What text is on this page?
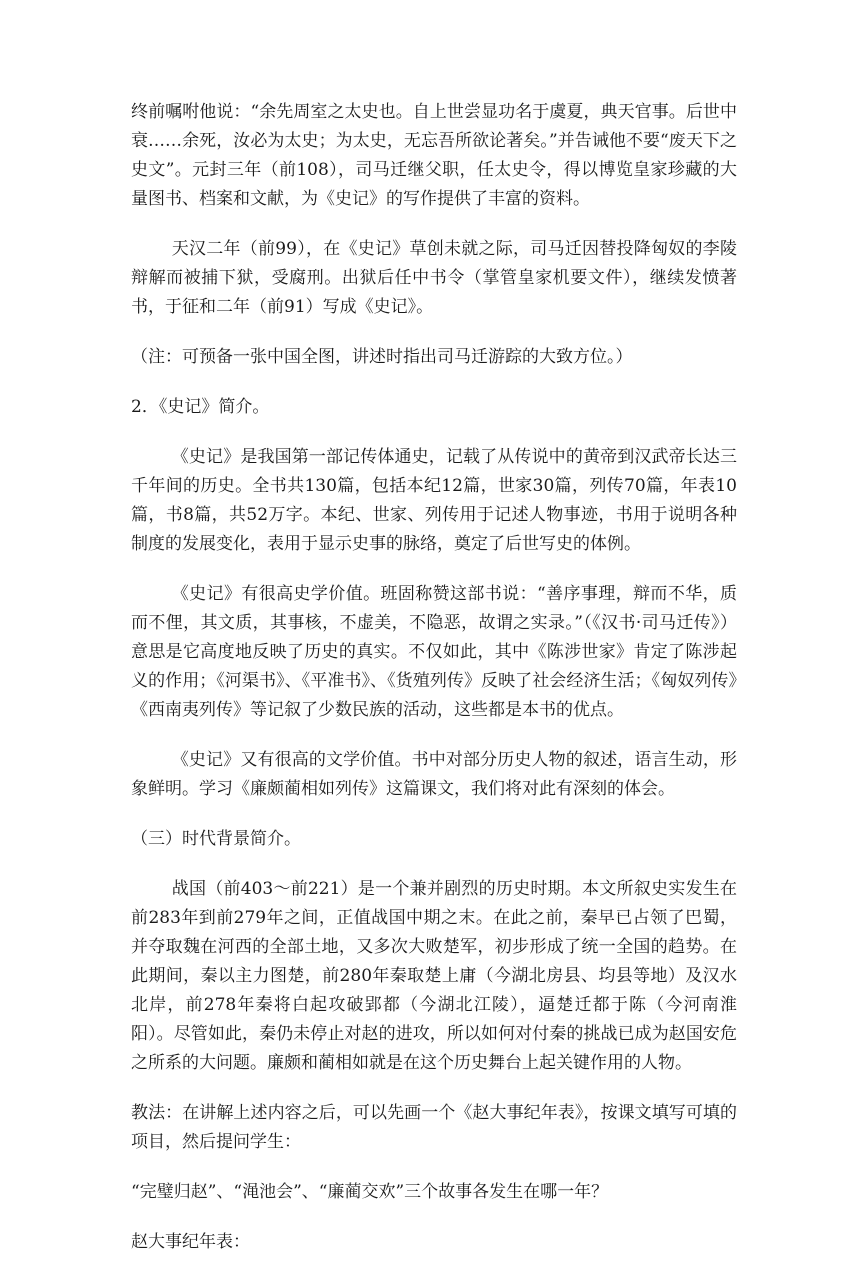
终前嘱咐他说：“余先周室之太史也。自上世尝显功名于虞夏，典天官事。后世中衰……余死，汝必为太史；为太史，无忘吾所欲论著矣。”并告诫他不要“废天下之史文”。元封三年（前108），司马迁继父职，任太史令，得以博览皇家珍藏的大量图书、档案和文献，为《史记》的写作提供了丰富的资料。

天汉二年（前99），在《史记》草创未就之际，司马迁因替投降匈奴的李陵辩解而被捕下狱，受腐刑。出狱后任中书令（掌管皇家机要文件），继续发愤著书，于征和二年（前91）写成《史记》。

（注：可预备一张中国全图，讲述时指出司马迁游踪的大致方位。）

2．《史记》简介。

《史记》是我国第一部记传体通史，记载了从传说中的黄帝到汉武帝长达三千年间的历史。全书共130篇，包括本纪12篇，世家30篇，列传70篇，年表10篇，书8篇，共52万字。本纪、世家、列传用于记述人物事迹，书用于说明各种制度的发展变化，表用于显示史事的脉络，奠定了后世写史的体例。

《史记》有很高史学价值。班固称赞这部书说：“善序事理，辩而不华，质而不俚，其文质，其事核，不虚美，不隐恶，故谓之实录。”（《汉书·司马迁传》）意思是它高度地反映了历史的真实。不仅如此，其中《陈涉世家》肯定了陈涉起义的作用；《河渠书》、《平准书》、《货殖列传》反映了社会经济生活；《匈奴列传》《西南夷列传》等记叙了少数民族的活动，这些都是本书的优点。

《史记》又有很高的文学价值。书中对部分历史人物的叙述，语言生动，形象鲜明。学习《廉颇蔺相如列传》这篇课文，我们将对此有深刻的体会。

（三）时代背景简介。

战国（前403～前221）是一个兼并剧烈的历史时期。本文所叙史实发生在前283年到前279年之间，正值战国中期之末。在此之前，秦早已占领了巴蜀，并夺取魏在河西的全部土地，又多次大败楚军，初步形成了统一全国的趋势。在此期间，秦以主力图楚，前280年秦取楚上庸（今湖北房县、均县等地）及汉水北岸，前278年秦将白起攻破郢都（今湖北江陵），逼楚迁都于陈（今河南淮阳）。尽管如此，秦仍未停止对赵的进攻，所以如何对付秦的挑战已成为赵国安危之所系的大问题。廉颇和蔺相如就是在这个历史舞台上起关键作用的人物。

教法：在讲解上述内容之后，可以先画一个《赵大事纪年表》，按课文填写可填的项目，然后提问学生：

“完璧归赵”、“渑池会”、“廉蔺交欢”三个故事各发生在哪一年？

赵大事纪年表：
